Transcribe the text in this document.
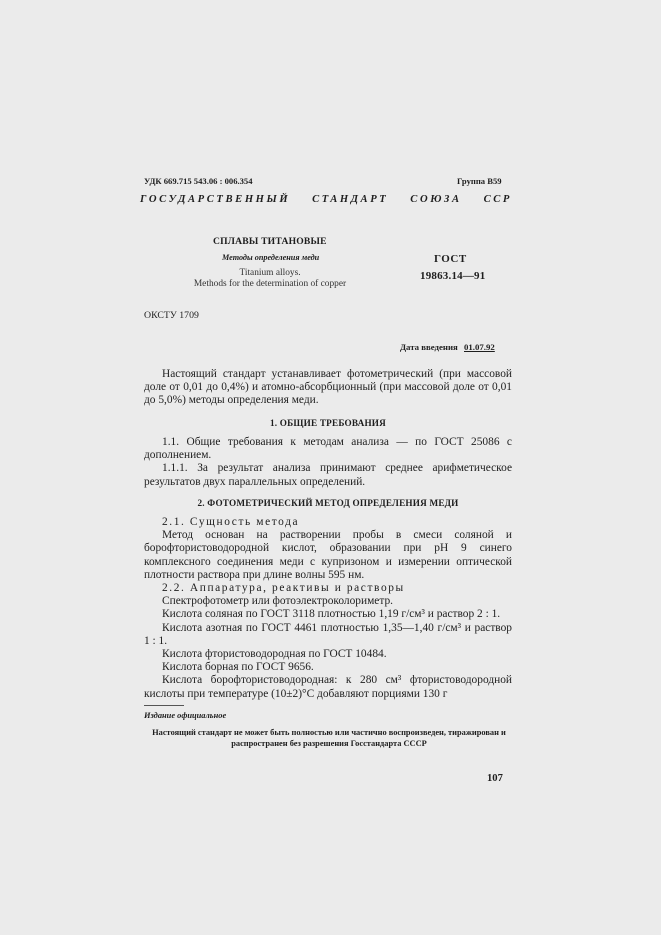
УДК 669.715 543.06 : 006.354	Группа В59
ГОСУДАРСТВЕННЫЙ СТАНДАРТ СОЮЗА ССР
СПЛАВЫ ТИТАНОВЫЕ
Методы определения меди
Titanium alloys.
Methods for the determination of copper
ГОСТ
19863.14—91
ОКСТУ 1709
Дата введения 01.07.92

Настоящий стандарт устанавливает фотометрический (при массовой доле от 0,01 до 0,4%) и атомно-абсорбционный (при массовой доле от 0,01 до 5,0%) методы определения меди.

1. ОБЩИЕ ТРЕБОВАНИЯ

1.1. Общие требования к методам анализа — по ГОСТ 25086 с дополнением.

1.1.1. За результат анализа принимают среднее арифметическое результатов двух параллельных определений.

2. ФОТОМЕТРИЧЕСКИЙ МЕТОД ОПРЕДЕЛЕНИЯ МЕДИ

2.1. Сущность метода

Метод основан на растворении пробы в смеси соляной и борофтористоводородной кислот, образовании при pH 9 синего комплексного соединения меди с купризоном и измерении оптической плотности раствора при длине волны 595 нм.

2.2. Аппаратура, реактивы и растворы

Спектрофотометр или фотоэлектроколориметр.

Кислота соляная по ГОСТ 3118 плотностью 1,19 г/см³ и раствор 2 : 1.

Кислота азотная по ГОСТ 4461 плотностью 1,35—1,40 г/см³ и раствор 1 : 1.

Кислота фтористоводородная по ГОСТ 10484.

Кислота борная по ГОСТ 9656.

Кислота борофтористоводородная: к 280 см³ фтористоводородной кислоты при температуре (10±2)°С добавляют порциями 130 г

Издание официальное
Настоящий стандарт не может быть полностью или частично воспроизведен, тиражирован и распространен без разрешения Госстандарта СССР
107
